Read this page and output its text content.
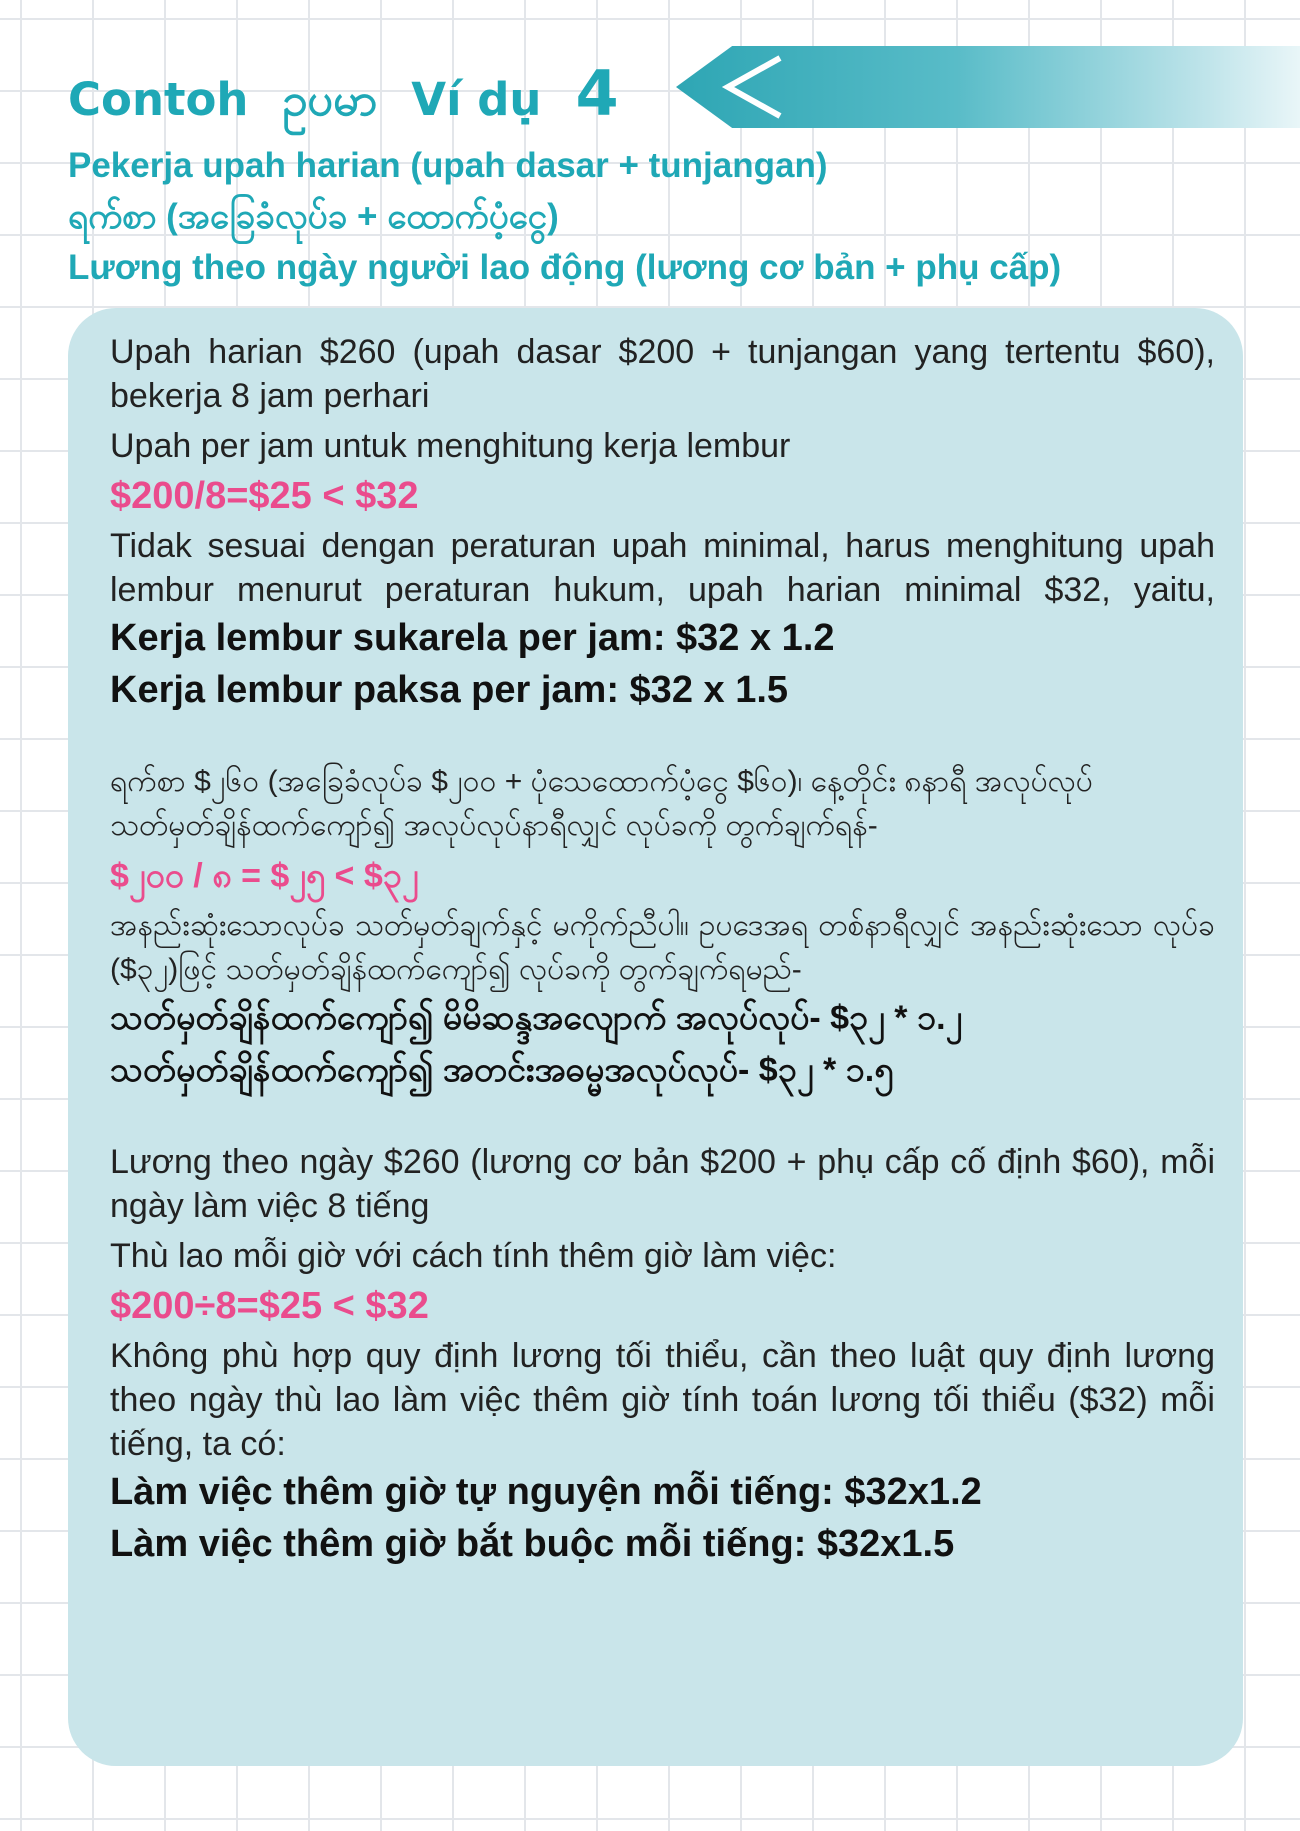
Contoh ဥပမာ Ví dụ 4
Pekerja upah harian (upah dasar + tunjangan)
ရက်စာ (အခြေခံလုပ်ခ + ထောက်ပံ့ငွေ)
Lương theo ngày người lao động (lương cơ bản + phụ cấp)

Upah harian $260 (upah dasar $200 + tunjangan yang tertentu $60), bekerja 8 jam perhari

Upah per jam untuk menghitung kerja lembur

$200/8=$25 < $32

Tidak sesuai dengan peraturan upah minimal, harus menghitung upah lembur menurut peraturan hukum, upah harian minimal $32, yaitu,

Kerja lembur sukarela per jam: $32 x 1.2

Kerja lembur paksa per jam: $32 x 1.5

ရက်စာ $၂၆၀ (အခြေခံလုပ်ခ $၂၀၀ + ပုံသေထောက်ပံ့ငွေ $၆၀)၊ နေ့တိုင်း ၈နာရီ အလုပ်လုပ်

သတ်မှတ်ချိန်ထက်ကျော်၍ အလုပ်လုပ်နာရီလျှင် လုပ်ခကို တွက်ချက်ရန်-

$၂၀၀ / ၈ = $၂၅ < $၃၂

အနည်းဆုံးသောလုပ်ခ သတ်မှတ်ချက်နှင့် မကိုက်ညီပါ။ ဥပဒေအရ တစ်နာရီလျှင် အနည်းဆုံးသော လုပ်ခ ($၃၂)ဖြင့် သတ်မှတ်ချိန်ထက်ကျော်၍ လုပ်ခကို တွက်ချက်ရမည်-

သတ်မှတ်ချိန်ထက်ကျော်၍ မိမိဆန္ဒအလျောက် အလုပ်လုပ်- $၃၂ * ၁.၂

သတ်မှတ်ချိန်ထက်ကျော်၍ အတင်းအဓမ္မအလုပ်လုပ်- $၃၂ * ၁.၅

Lương theo ngày $260 (lương cơ bản $200 + phụ cấp cố định $60), mỗi ngày làm việc 8 tiếng

Thù lao mỗi giờ với cách tính thêm giờ làm việc:

$200÷8=$25 < $32

Không phù hợp quy định lương tối thiểu, cần theo luật quy định lương theo ngày thù lao làm việc thêm giờ tính toán lương tối thiểu ($32) mỗi tiếng, ta có:

Làm việc thêm giờ tự nguyện mỗi tiếng: $32x1.2

Làm việc thêm giờ bắt buộc mỗi tiếng: $32x1.5
